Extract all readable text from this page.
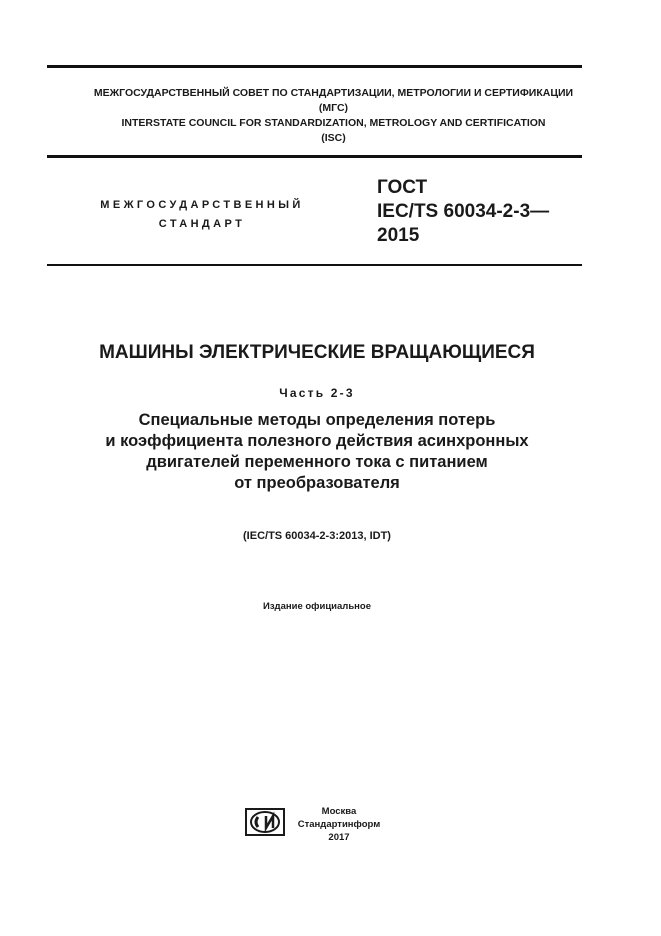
МЕЖГОСУДАРСТВЕННЫЙ СОВЕТ ПО СТАНДАРТИЗАЦИИ, МЕТРОЛОГИИ И СЕРТИФИКАЦИИ
(МГС)
INTERSTATE COUNCIL FOR STANDARDIZATION, METROLOGY AND CERTIFICATION
(ISC)
МЕЖГОСУДАРСТВЕННЫЙ
СТАНДАРТ
ГОСТ
IEC/TS 60034-2-3—
2015
МАШИНЫ ЭЛЕКТРИЧЕСКИЕ ВРАЩАЮЩИЕСЯ
Часть 2-3
Специальные методы определения потерь
и коэффициента полезного действия асинхронных
двигателей переменного тока с питанием
от преобразователя
(IEC/TS 60034-2-3:2013, IDT)
Издание официальное
Москва
Стандартинформ
2017
